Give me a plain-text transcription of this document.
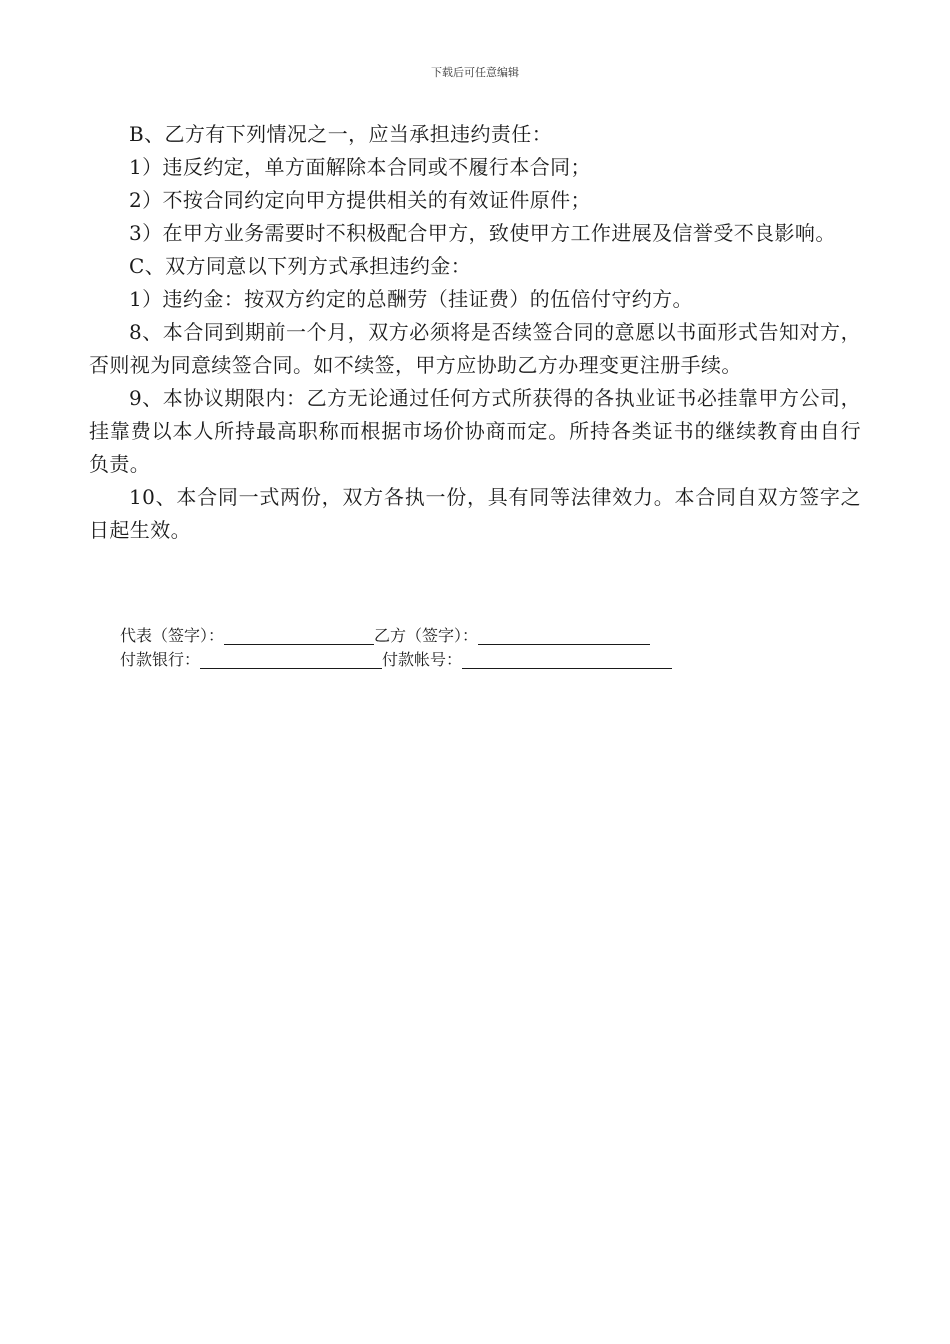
下载后可任意编辑

B、乙方有下列情况之一，应当承担违约责任：

1）违反约定，单方面解除本合同或不履行本合同；

2）不按合同约定向甲方提供相关的有效证件原件；

3）在甲方业务需要时不积极配合甲方，致使甲方工作进展及信誉受不良影响。

C、双方同意以下列方式承担违约金：

1）违约金：按双方约定的总酬劳（挂证费）的伍倍付守约方。

8、本合同到期前一个月，双方必须将是否续签合同的意愿以书面形式告知对方，否则视为同意续签合同。如不续签，甲方应协助乙方办理变更注册手续。

9、本协议期限内：乙方无论通过任何方式所获得的各执业证书必挂靠甲方公司，挂靠费以本人所持最高职称而根据市场价协商而定。所持各类证书的继续教育由自行负责。

10、本合同一式两份，双方各执一份，具有同等法律效力。本合同自双方签字之日起生效。

代表（签字）：	乙方（签字）：
付款银行：	付款帐号：
